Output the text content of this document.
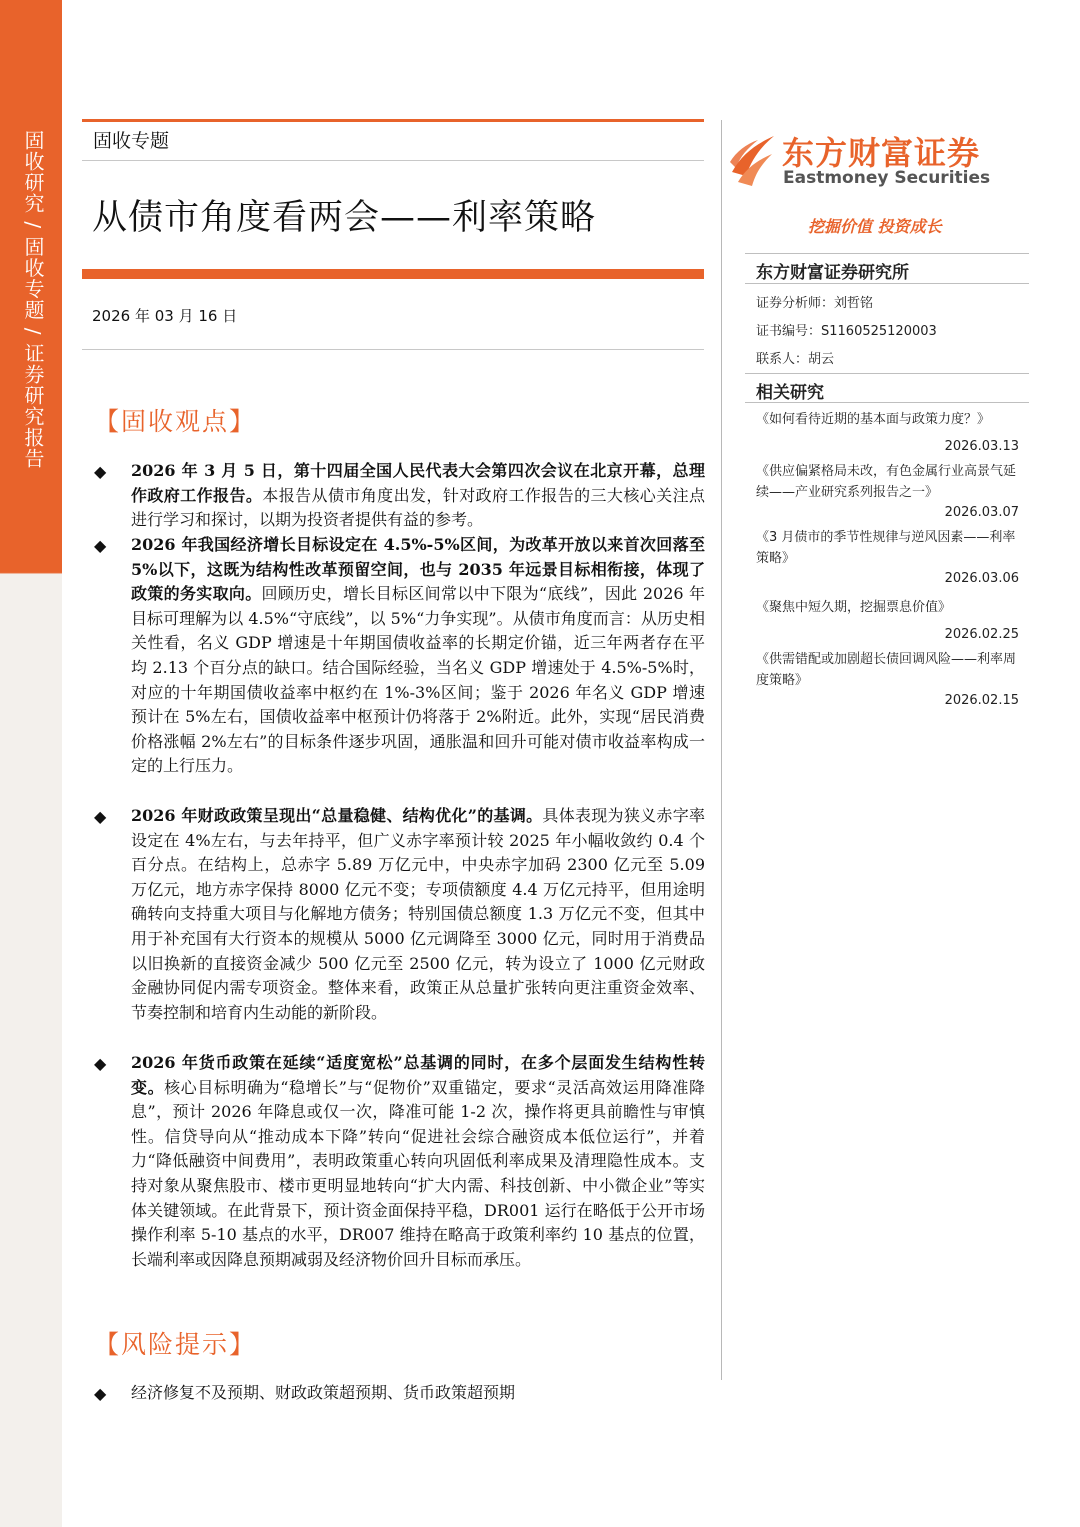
固收研究 / 固收专题 / 证券研究报告	固收专题
从债市角度看两会——利率策略
2026 年 03 月 16 日
东方财富证券
Eastmoney Securities
挖掘价值 投资成长
东方财富证券研究所
证券分析师：刘哲铭
证书编号：S1160525120003
联系人：胡云
相关研究
《如何看待近期的基本面与政策力度？》
2026.03.13
《供应偏紧格局未改，有色金属行业高景气延续——产业研究系列报告之一》
2026.03.07
《3 月债市的季节性规律与逆风因素——利率策略》
2026.03.06
《聚焦中短久期，挖掘票息价值》
2026.02.25
《供需错配或加剧超长债回调风险——利率周度策略》
2026.02.15
【固收观点】
◆ 2026 年 3 月 5 日，第十四届全国人民代表大会第四次会议在北京开幕，总理作政府工作报告。本报告从债市角度出发，针对政府工作报告的三大核心关注点进行学习和探讨，以期为投资者提供有益的参考。

◆ 2026 年我国经济增长目标设定在 4.5%-5%区间，为改革开放以来首次回落至 5%以下，这既为结构性改革预留空间，也与 2035 年远景目标相衔接，体现了政策的务实取向。回顾历史，增长目标区间常以中下限为“底线”，因此 2026 年目标可理解为以 4.5%“守底线”，以 5%“力争实现”。从债市角度而言：从历史相关性看，名义 GDP 增速是十年期国债收益率的长期定价锚，近三年两者存在平均 2.13 个百分点的缺口。结合国际经验，当名义 GDP 增速处于 4.5%-5%时，对应的十年期国债收益率中枢约在 1%-3%区间；鉴于 2026 年名义 GDP 增速预计在 5%左右，国债收益率中枢预计仍将落于 2%附近。此外，实现“居民消费价格涨幅 2%左右”的目标条件逐步巩固，通胀温和回升可能对债市收益率构成一定的上行压力。

◆ 2026 年财政政策呈现出“总量稳健、结构优化”的基调。具体表现为狭义赤字率设定在 4%左右，与去年持平，但广义赤字率预计较 2025 年小幅收敛约 0.4 个百分点。在结构上，总赤字 5.89 万亿元中，中央赤字加码 2300 亿元至 5.09 万亿元，地方赤字保持 8000 亿元不变；专项债额度 4.4 万亿元持平，但用途明确转向支持重大项目与化解地方债务；特别国债总额度 1.3 万亿元不变，但其中用于补充国有大行资本的规模从 5000 亿元调降至 3000 亿元，同时用于消费品以旧换新的直接资金减少 500 亿元至 2500 亿元，转为设立了 1000 亿元财政金融协同促内需专项资金。整体来看，政策正从总量扩张转向更注重资金效率、节奏控制和培育内生动能的新阶段。

◆ 2026 年货币政策在延续“适度宽松”总基调的同时，在多个层面发生结构性转变。核心目标明确为“稳增长”与“促物价”双重锚定，要求“灵活高效运用降准降息”，预计 2026 年降息或仅一次，降准可能 1-2 次，操作将更具前瞻性与审慎性。信贷导向从“推动成本下降”转向“促进社会综合融资成本低位运行”，并着力“降低融资中间费用”，表明政策重心转向巩固低利率成果及清理隐性成本。支持对象从聚焦股市、楼市更明显地转向“扩大内需、科技创新、中小微企业”等实体关键领域。在此背景下，预计资金面保持平稳，DR001 运行在略低于公开市场操作利率 5-10 基点的水平，DR007 维持在略高于政策利率约 10 基点的位置，长端利率或因降息预期减弱及经济物价回升目标而承压。

【风险提示】
◆ 经济修复不及预期、财政政策超预期、货币政策超预期
